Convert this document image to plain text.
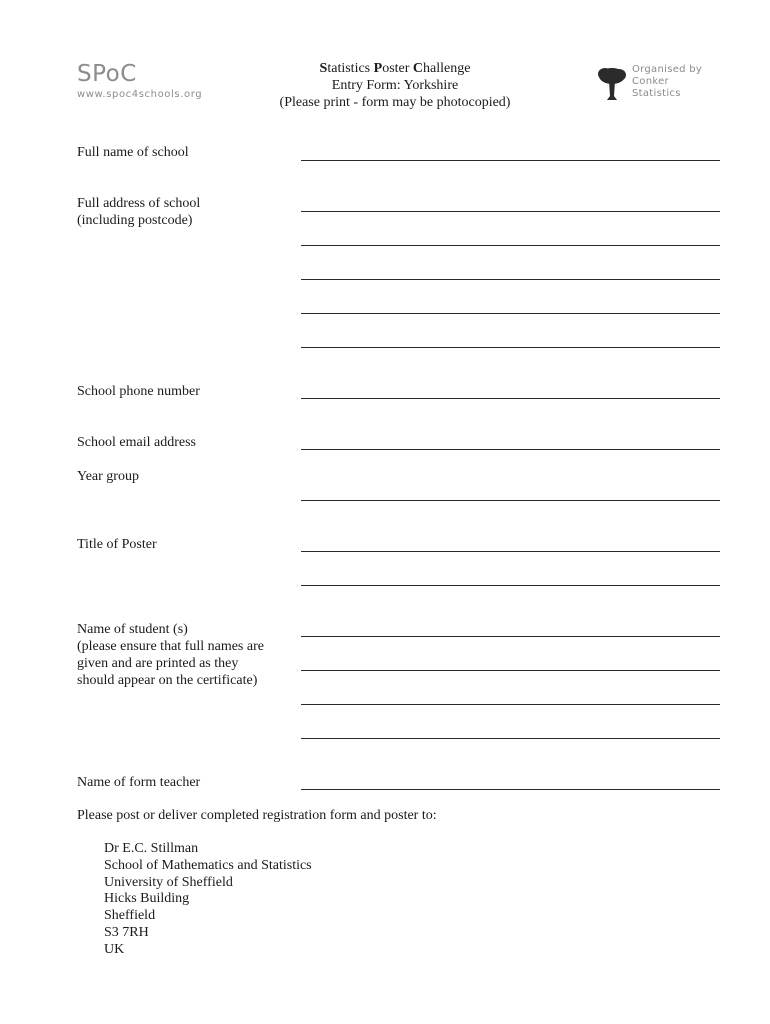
SPoC
www.spoc4schools.org
Statistics Poster Challenge
Entry Form: Yorkshire
(Please print - form may be photocopied)
Organised by
Conker
Statistics
Full name of school
Full address of school
(including postcode)
School phone number
School email address
Year group
Title of Poster
Name of student (s)
(please ensure that full names are
given and are printed as they
should appear on the certificate)
Name of form teacher
Please post or deliver completed registration form and poster to:
Dr E.C. Stillman
School of Mathematics and Statistics
University of Sheffield
Hicks Building
Sheffield
S3 7RH
UK
